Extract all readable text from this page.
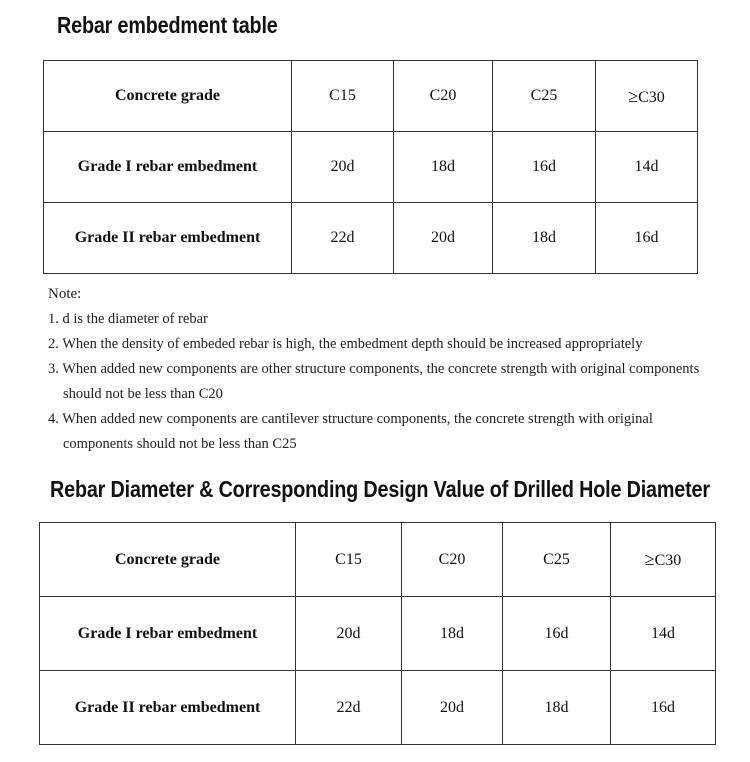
Rebar embedment table
Concrete grade	C15	C20	C25	≥C30
Grade I rebar embedment	20d	18d	16d	14d
Grade II rebar embedment	22d	20d	18d	16d
Note:
1. d is the diameter of rebar
2. When the density of embeded rebar is high, the embedment depth should be increased appropriately
3. When added new components are other structure components, the concrete strength with original components
should not be less than C20
4. When added new components are cantilever structure components, the concrete strength with original
components should not be less than C25
Rebar Diameter & Corresponding Design Value of Drilled Hole Diameter
Concrete grade	C15	C20	C25	≥C30
Grade I rebar embedment	20d	18d	16d	14d
Grade II rebar embedment	22d	20d	18d	16d
